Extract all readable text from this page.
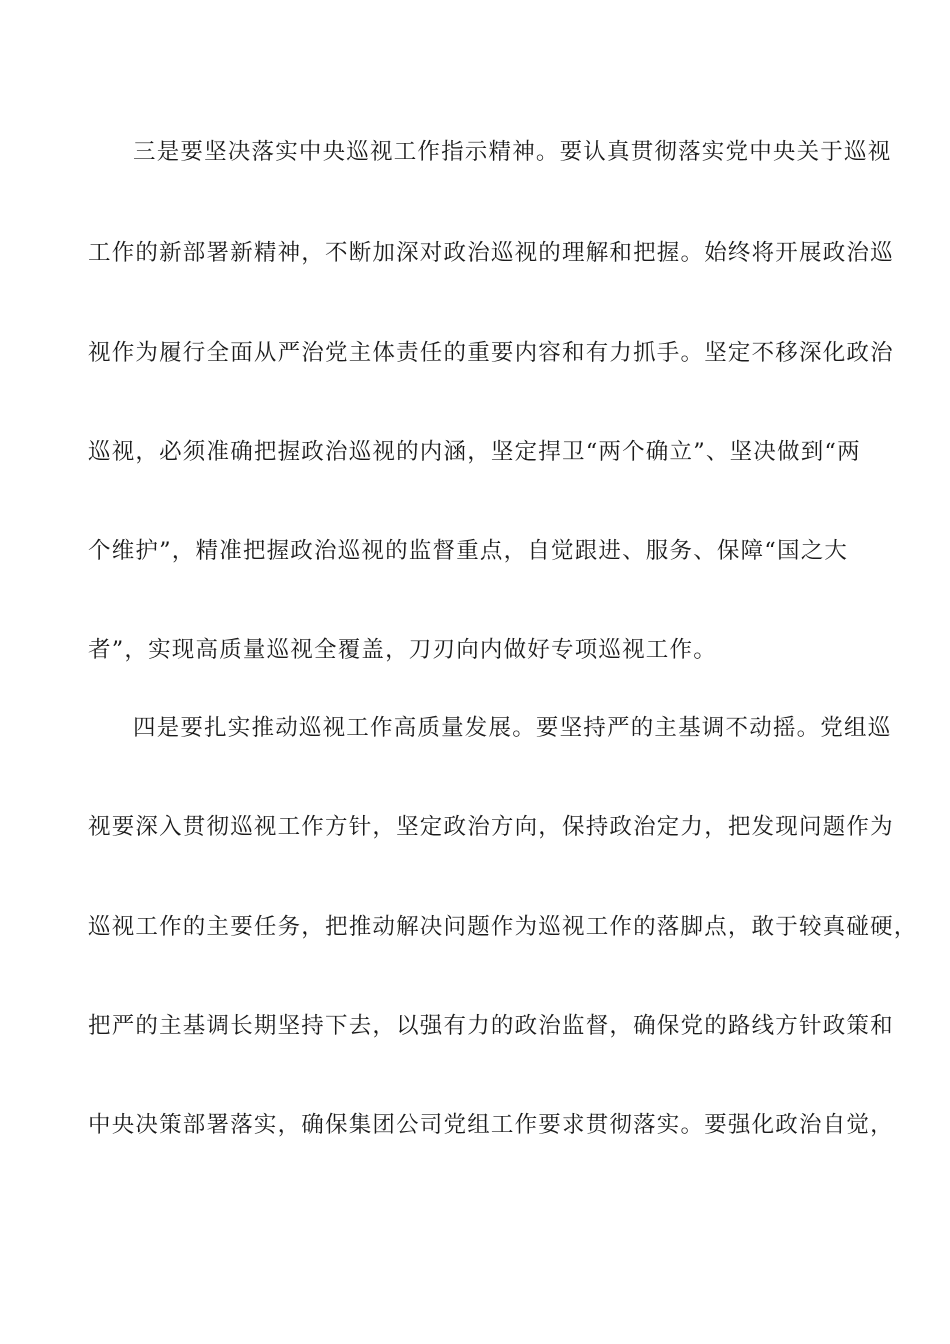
三是要坚决落实中央巡视工作指示精神。要认真贯彻落实党中央关于巡视
工作的新部署新精神，不断加深对政治巡视的理解和把握。始终将开展政治巡
视作为履行全面从严治党主体责任的重要内容和有力抓手。坚定不移深化政治
巡视，必须准确把握政治巡视的内涵，坚定捍卫“两个确立”、坚决做到“两
个维护”，精准把握政治巡视的监督重点，自觉跟进、服务、保障“国之大
者”，实现高质量巡视全覆盖，刀刃向内做好专项巡视工作。
四是要扎实推动巡视工作高质量发展。要坚持严的主基调不动摇。党组巡
视要深入贯彻巡视工作方针，坚定政治方向，保持政治定力，把发现问题作为
巡视工作的主要任务，把推动解决问题作为巡视工作的落脚点，敢于较真碰硬，
把严的主基调长期坚持下去，以强有力的政治监督，确保党的路线方针政策和
中央决策部署落实，确保集团公司党组工作要求贯彻落实。要强化政治自觉，
